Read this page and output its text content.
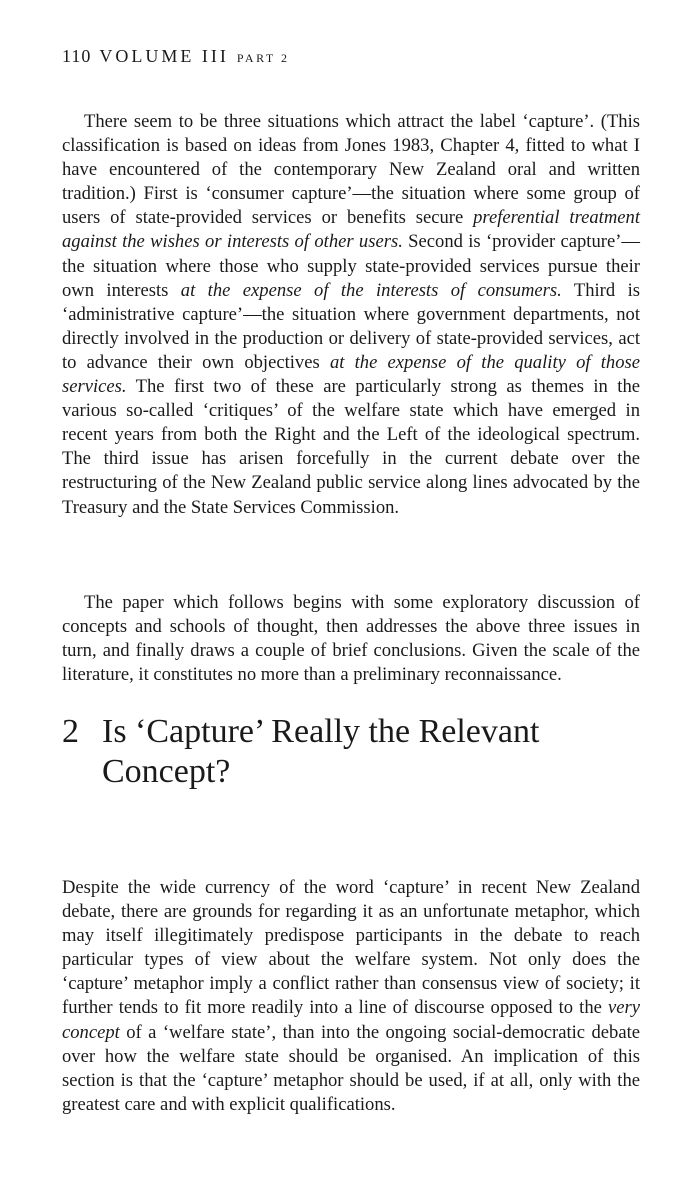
110 VOLUME III PART 2

There seem to be three situations which attract the label ‘capture’. (This classification is based on ideas from Jones 1983, Chapter 4, fitted to what I have encountered of the contemporary New Zealand oral and written tradition.) First is ‘consumer capture’—the situation where some group of users of state-provided services or benefits secure preferential treatment against the wishes or interests of other users. Second is ‘provider capture’—the situation where those who supply state-provided services pursue their own interests at the expense of the interests of consumers. Third is ‘administrative capture’—the situation where government departments, not directly involved in the production or delivery of state-provided services, act to advance their own objectives at the expense of the quality of those services. The first two of these are particularly strong as themes in the various so-called ‘critiques’ of the welfare state which have emerged in recent years from both the Right and the Left of the ideological spectrum. The third issue has arisen forcefully in the current debate over the restructuring of the New Zealand public service along lines advocated by the Treasury and the State Services Commission.

The paper which follows begins with some exploratory discussion of concepts and schools of thought, then addresses the above three issues in turn, and finally draws a couple of brief conclusions. Given the scale of the literature, it constitutes no more than a preliminary reconnaissance.

2 Is ‘Capture’ Really the Relevant Concept?

Despite the wide currency of the word ‘capture’ in recent New Zealand debate, there are grounds for regarding it as an unfortunate metaphor, which may itself illegitimately predispose participants in the debate to reach particular types of view about the welfare system. Not only does the ‘capture’ metaphor imply a conflict rather than consensus view of society; it further tends to fit more readily into a line of discourse opposed to the very concept of a ‘welfare state’, than into the ongoing social-democratic debate over how the welfare state should be organised. An implication of this section is that the ‘capture’ metaphor should be used, if at all, only with the greatest care and with explicit qualifications.
